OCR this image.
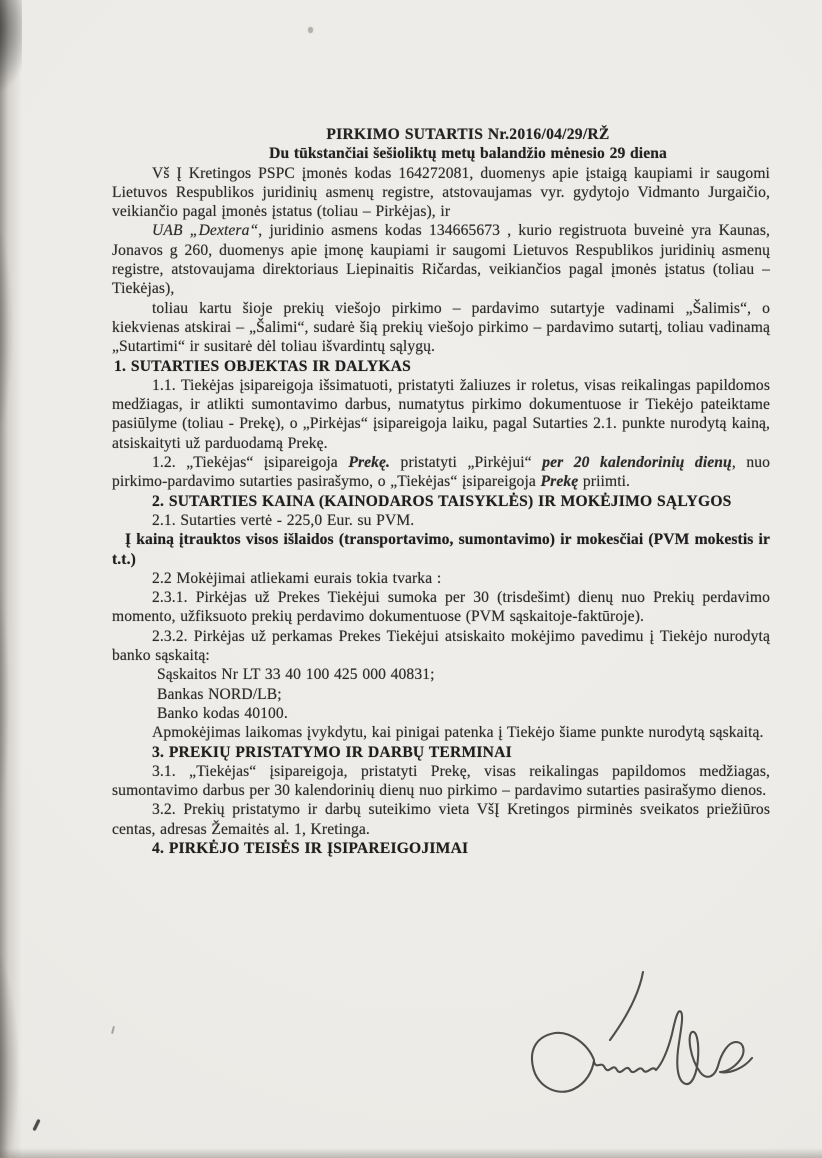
PIRKIMO SUTARTIS Nr.2016/04/29/RŽ

Du tūkstančiai šešioliktų metų balandžio mėnesio 29 diena

Vš Į Kretingos PSPC įmonės kodas 164272081, duomenys apie įstaigą kaupiami ir saugomi Lietuvos Respublikos juridinių asmenų registre, atstovaujamas vyr. gydytojo Vidmanto Jurgaičio, veikiančio pagal įmonės įstatus (toliau – Pirkėjas), ir

UAB „Dextera“, juridinio asmens kodas 134665673 , kurio registruota buveinė yra Kaunas, Jonavos g 260, duomenys apie įmonę kaupiami ir saugomi Lietuvos Respublikos juridinių asmenų registre, atstovaujama direktoriaus Liepinaitis Ričardas, veikiančios pagal įmonės įstatus (toliau – Tiekėjas),

toliau kartu šioje prekių viešojo pirkimo – pardavimo sutartyje vadinami „Šalimis“, o kiekvienas atskirai – „Šalimi“, sudarė šią prekių viešojo pirkimo – pardavimo sutartį, toliau vadinamą „Sutartimi“ ir susitarė dėl toliau išvardintų sąlygų.

1. SUTARTIES OBJEKTAS IR DALYKAS

1.1. Tiekėjas įsipareigoja išsimatuoti, pristatyti žaliuzes ir roletus, visas reikalingas papildomos medžiagas, ir atlikti sumontavimo darbus, numatytus pirkimo dokumentuose ir Tiekėjo pateiktame pasiūlyme (toliau - Prekę), o „Pirkėjas“ įsipareigoja laiku, pagal Sutarties 2.1. punkte nurodytą kainą, atsiskaityti už parduodamą Prekę.

1.2. „Tiekėjas“ įsipareigoja Prekę. pristatyti „Pirkėjui“ per 20 kalendorinių dienų, nuo pirkimo-pardavimo sutarties pasirašymo, o „Tiekėjas“ įsipareigoja Prekę priimti.

2. SUTARTIES KAINA (KAINODAROS TAISYKLĖS) IR MOKĖJIMO SĄLYGOS

2.1. Sutarties vertė - 225,0 Eur. su PVM.

Į kainą įtrauktos visos išlaidos (transportavimo, sumontavimo) ir mokesčiai (PVM mokestis ir t.t.)

2.2 Mokėjimai atliekami eurais tokia tvarka :

2.3.1. Pirkėjas už Prekes Tiekėjui sumoka per 30 (trisdešimt) dienų nuo Prekių perdavimo momento, užfiksuoto prekių perdavimo dokumentuose (PVM sąskaitoje-faktūroje).

2.3.2. Pirkėjas už perkamas Prekes Tiekėjui atsiskaito mokėjimo pavedimu į Tiekėjo nurodytą banko sąskaitą:

Sąskaitos Nr LT 33 40 100 425 000 40831;

Bankas NORD/LB;

Banko kodas 40100.

Apmokėjimas laikomas įvykdytu, kai pinigai patenka į Tiekėjo šiame punkte nurodytą sąskaitą.

3. PREKIŲ PRISTATYMO IR DARBŲ TERMINAI

3.1. „Tiekėjas“ įsipareigoja, pristatyti Prekę, visas reikalingas papildomos medžiagas, sumontavimo darbus per 30 kalendorinių dienų nuo pirkimo – pardavimo sutarties pasirašymo dienos.

3.2. Prekių pristatymo ir darbų suteikimo vieta VšĮ Kretingos pirminės sveikatos priežiūros centas, adresas Žemaitės al. 1, Kretinga.

4. PIRKĖJO TEISĖS IR ĮSIPAREIGOJIMAI
